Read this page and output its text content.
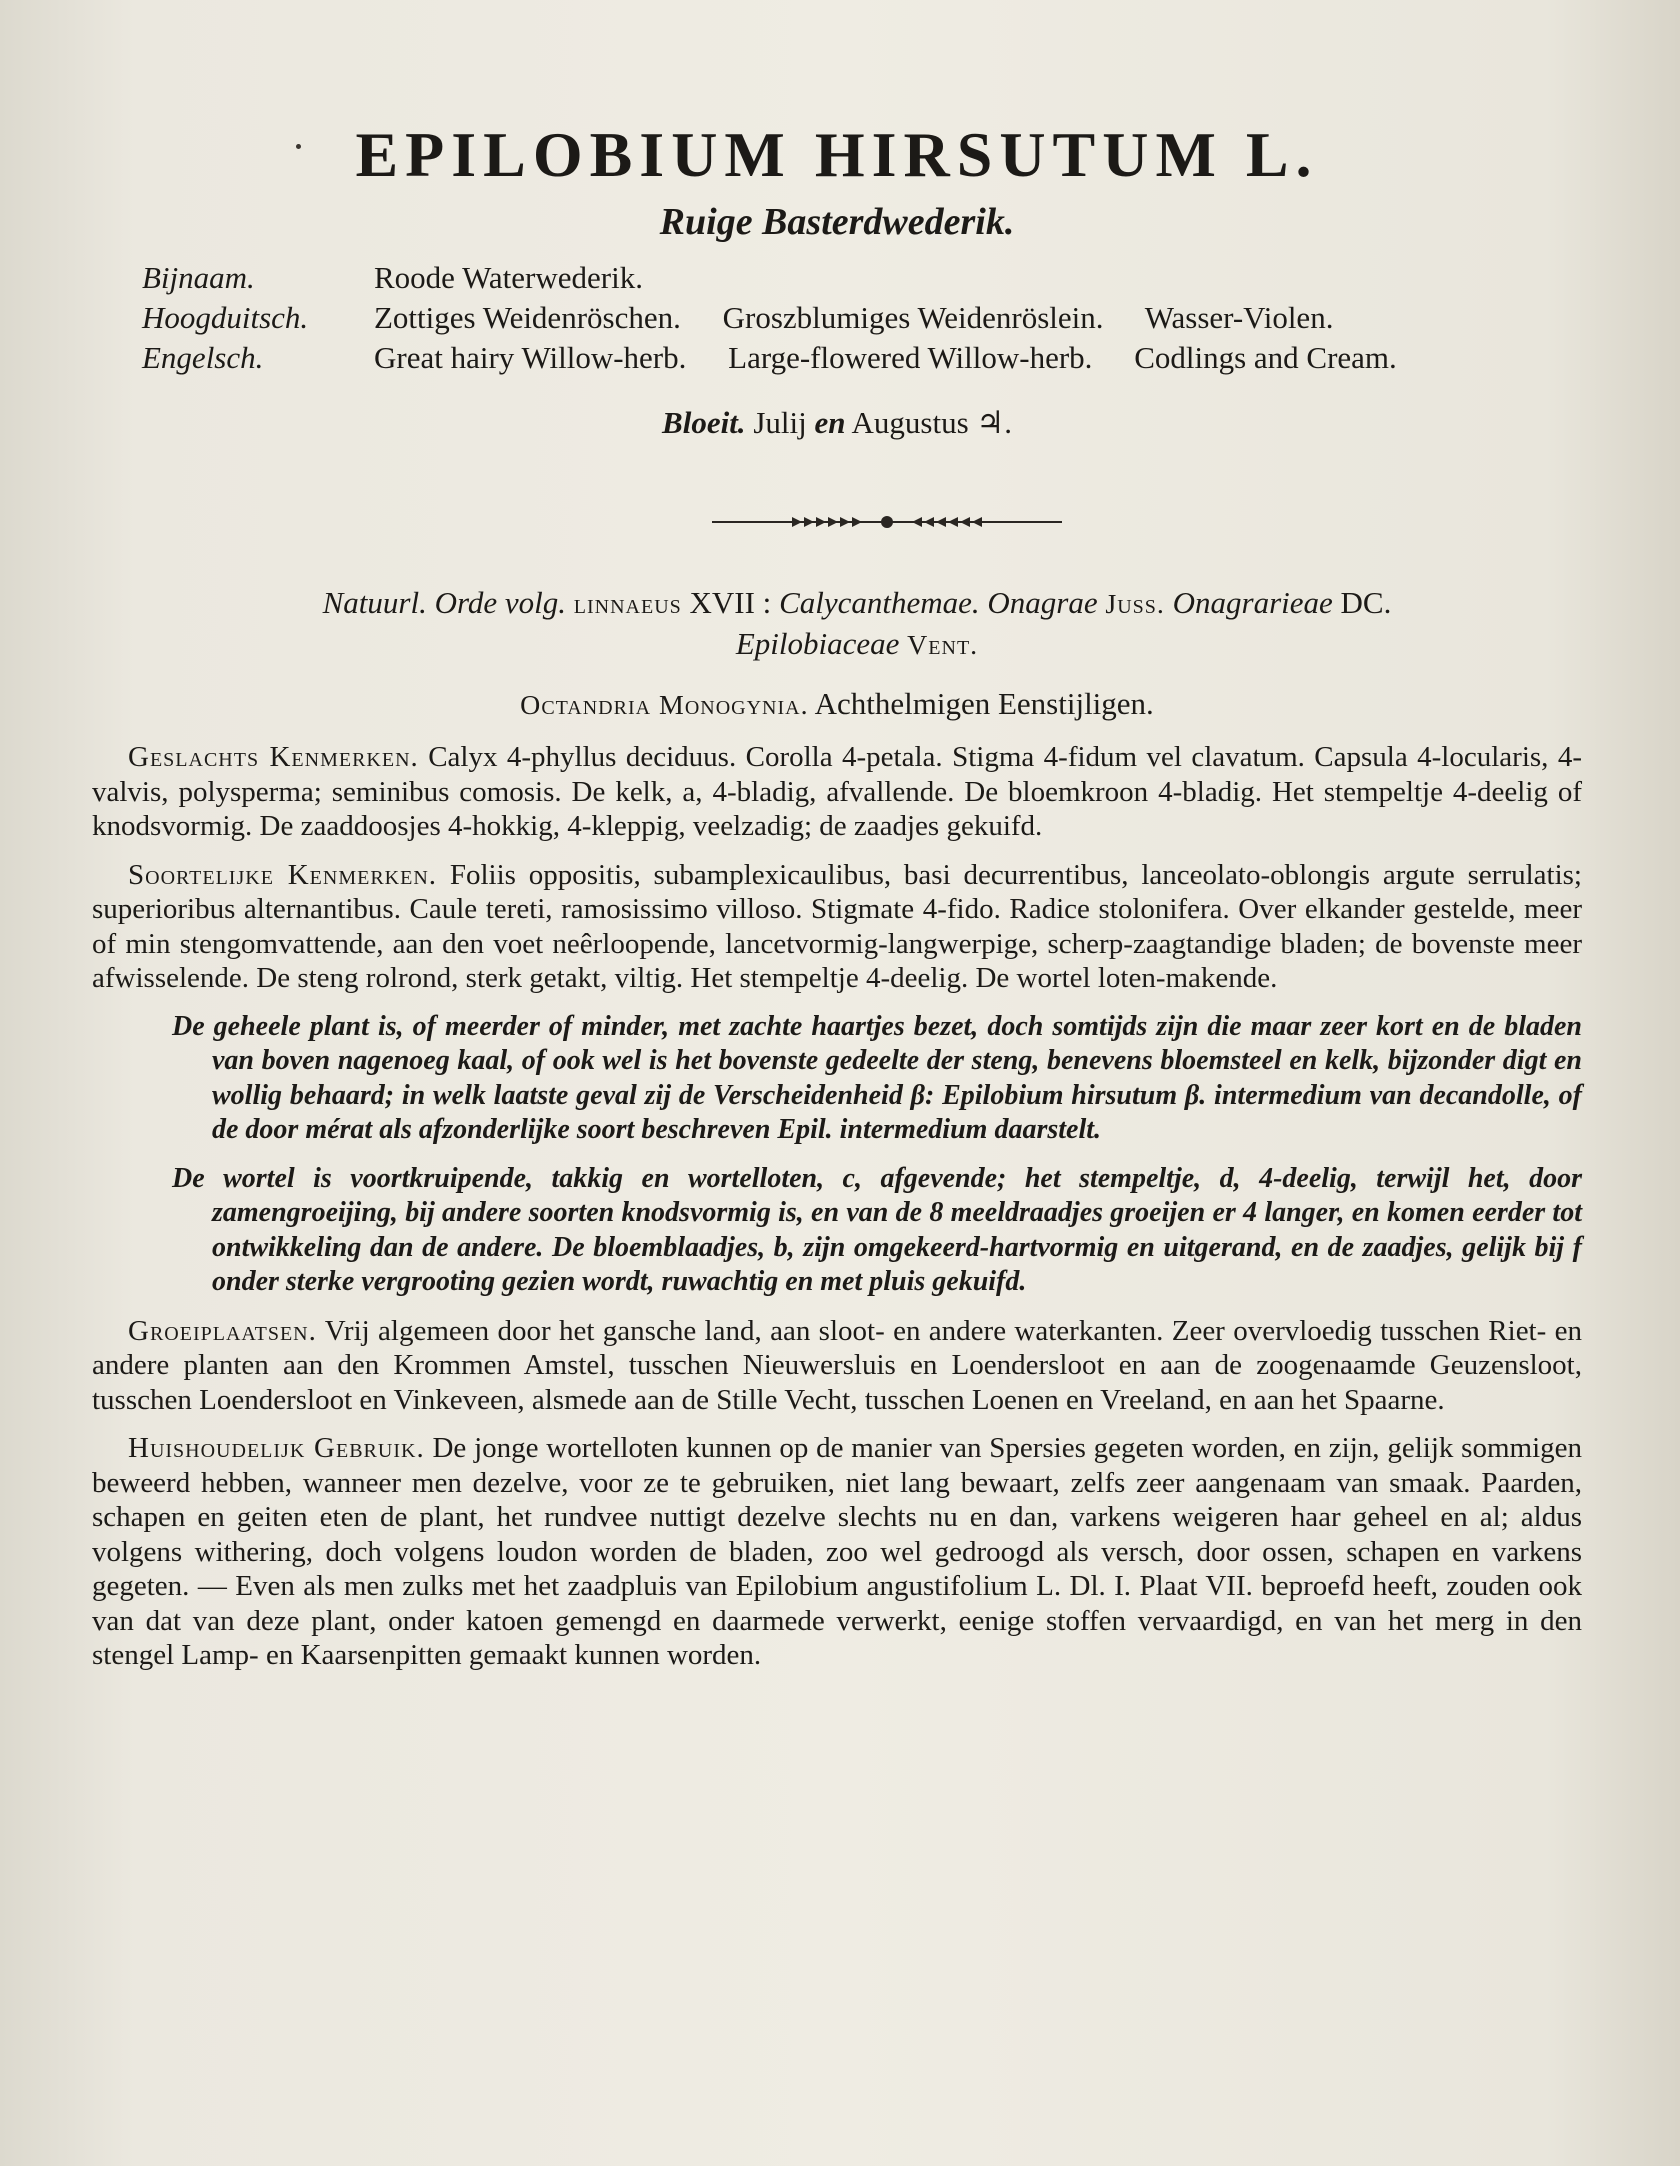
EPILOBIUM HIRSUTUM L.
Ruige Basterdwederik.
Bijnaam.	Roode Waterwederik.
Hoogduitsch.	Zottiges Weidenröschen. Groszblumiges Weidenröslein. Wasser-Violen.
Engelsch.	Great hairy Willow-herb. Large-flowered Willow-herb. Codlings and Cream.
Bloeit. Julij en Augustus ♃.
Natuurl. Orde volg. linnaeus XVII : Calycanthemae. Onagrae Juss. Onagrarieae DC.
Epilobiaceae Vent.
Octandria Monogynia. Achthelmigen Eenstijligen.

Geslachts Kenmerken. Calyx 4-phyllus deciduus. Corolla 4-petala. Stigma 4-fidum vel clavatum. Capsula 4-locularis, 4-valvis, polysperma; seminibus comosis. De kelk, a, 4-bladig, afvallende. De bloemkroon 4-bladig. Het stempeltje 4-deelig of knodsvormig. De zaaddoosjes 4-hokkig, 4-kleppig, veelzadig; de zaadjes gekuifd.

Soortelijke Kenmerken. Foliis oppositis, subamplexicaulibus, basi decurrentibus, lanceolato-oblongis argute serrulatis; superioribus alternantibus. Caule tereti, ramosissimo villoso. Stigmate 4-fido. Radice stolonifera. Over elkander gestelde, meer of min stengomvattende, aan den voet neêrloopende, lancetvormig-langwerpige, scherp-zaagtandige bladen; de bovenste meer afwisselende. De steng rolrond, sterk getakt, viltig. Het stempeltje 4-deelig. De wortel loten-makende.

De geheele plant is, of meerder of minder, met zachte haartjes bezet, doch somtijds zijn die maar zeer kort en de bladen van boven nagenoeg kaal, of ook wel is het bovenste gedeelte der steng, benevens bloemsteel en kelk, bijzonder digt en wollig behaard; in welk laatste geval zij de Verscheidenheid β: Epilobium hirsutum β. intermedium van decandolle, of de door mérat als afzonderlijke soort beschreven Epil. intermedium daarstelt.

De wortel is voortkruipende, takkig en wortelloten, c, afgevende; het stempeltje, d, 4-deelig, terwijl het, door zamengroeijing, bij andere soorten knodsvormig is, en van de 8 meeldraadjes groeijen er 4 langer, en komen eerder tot ontwikkeling dan de andere. De bloemblaadjes, b, zijn omgekeerd-hartvormig en uitgerand, en de zaadjes, gelijk bij f onder sterke vergrooting gezien wordt, ruwachtig en met pluis gekuifd.

Groeiplaatsen. Vrij algemeen door het gansche land, aan sloot- en andere waterkanten. Zeer overvloedig tusschen Riet- en andere planten aan den Krommen Amstel, tusschen Nieuwersluis en Loendersloot en aan de zoogenaamde Geuzensloot, tusschen Loendersloot en Vinkeveen, alsmede aan de Stille Vecht, tusschen Loenen en Vreeland, en aan het Spaarne.

Huishoudelijk Gebruik. De jonge wortelloten kunnen op de manier van Spersies gegeten worden, en zijn, gelijk sommigen beweerd hebben, wanneer men dezelve, voor ze te gebruiken, niet lang bewaart, zelfs zeer aangenaam van smaak. Paarden, schapen en geiten eten de plant, het rundvee nuttigt dezelve slechts nu en dan, varkens weigeren haar geheel en al; aldus volgens withering, doch volgens loudon worden de bladen, zoo wel gedroogd als versch, door ossen, schapen en varkens gegeten. — Even als men zulks met het zaadpluis van Epilobium angustifolium L. Dl. I. Plaat VII. beproefd heeft, zouden ook van dat van deze plant, onder katoen gemengd en daarmede verwerkt, eenige stoffen vervaardigd, en van het merg in den stengel Lamp- en Kaarsenpitten gemaakt kunnen worden.
